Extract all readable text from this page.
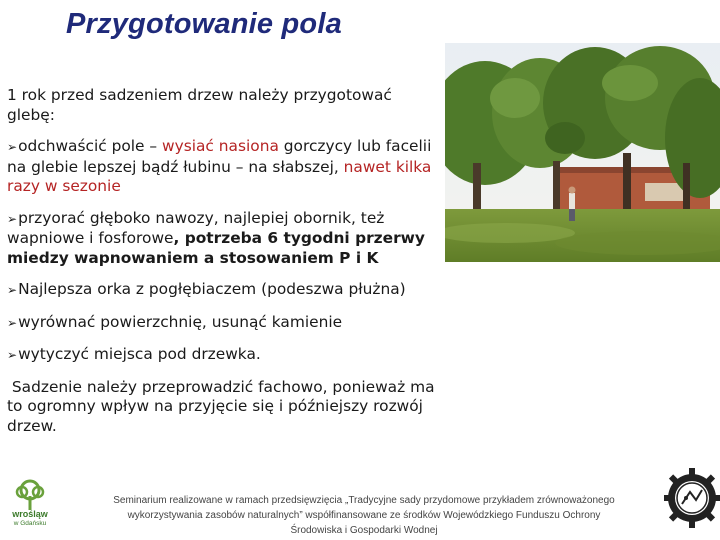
Przygotowanie pola

1 rok przed sadzeniem drzew należy przygotować glebę:

➢odchwaścić pole – wysiać nasiona gorczycy lub facelii na glebie lepszej bądź łubinu – na słabszej, nawet kilka razy w sezonie

➢przyorać głęboko nawozy, najlepiej obornik, też wapniowe i fosforowe, potrzeba 6 tygodni przerwy miedzy wapnowaniem a stosowaniem P i K

➢Najlepsza orka z pogłębiaczem (podeszwa płużna)

➢wyrównać powierzchnię, usunąć kamienie

➢wytyczyć miejsca pod drzewka.

Sadzenie należy przeprowadzić fachowo, ponieważ ma to ogromny wpływ na przyjęcie się i późniejszy rozwój drzew.

wrośląw
w Gdańsku
Seminarium realizowane w ramach przedsięwzięcia „Tradycyjne sady przydomowe przykładem zrównoważonego
wykorzystywania zasobów naturalnych” współfinansowane ze środków Wojewódzkiego Funduszu Ochrony
Środowiska i Gospodarki Wodnej
